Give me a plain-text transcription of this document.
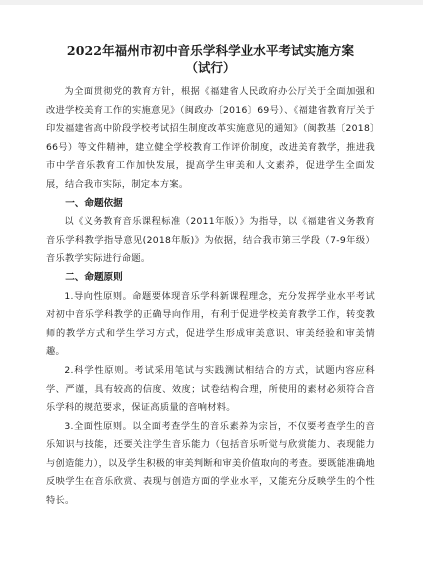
2022年福州市初中音乐学科学业水平考试实施方案
（试行）

为全面贯彻党的教育方针，根据《福建省人民政府办公厅关于全面加强和改进学校美育工作的实施意见》（闽政办〔2016〕69号）、《福建省教育厅关于印发福建省高中阶段学校考试招生制度改革实施意见的通知》（闽教基〔2018〕66号）等文件精神，建立健全学校教育工作评价制度，改进美育教学，推进我市中学音乐教育工作加快发展，提高学生审美和人文素养，促进学生全面发展，结合我市实际，制定本方案。

一、命题依据

以《义务教育音乐课程标准（2011年版）》为指导，以《福建省义务教育音乐学科教学指导意见(2018年版)》为依据，结合我市第三学段（7-9年级）音乐教学实际进行命题。

二、命题原则

1.导向性原则。命题要体现音乐学科新课程理念，充分发挥学业水平考试对初中音乐学科教学的正确导向作用，有利于促进学校美育教学工作，转变教师的教学方式和学生学习方式，促进学生形成审美意识、审美经验和审美情趣。

2.科学性原则。考试采用笔试与实践测试相结合的方式，试题内容应科学、严谨，具有较高的信度、效度；试卷结构合理，所使用的素材必须符合音乐学科的规范要求，保证高质量的音响材料。

3.全面性原则。以全面考查学生的音乐素养为宗旨，不仅要考查学生的音乐知识与技能，还要关注学生音乐能力（包括音乐听觉与欣赏能力、表现能力与创造能力），以及学生积极的审美判断和审美价值取向的考查。要既能准确地反映学生在音乐欣赏、表现与创造方面的学业水平，又能充分反映学生的个性特长。
